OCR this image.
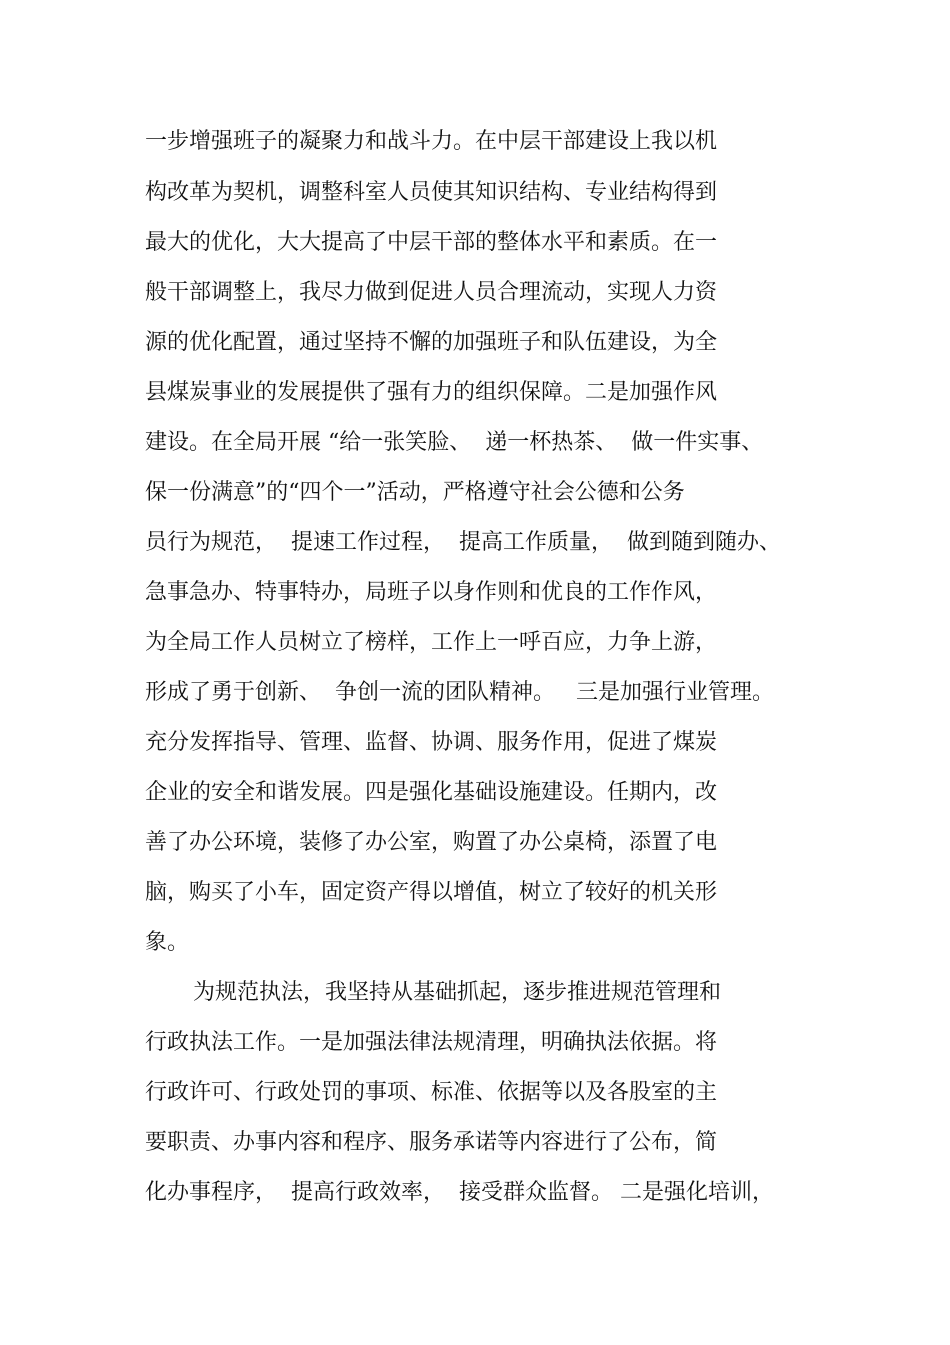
一步增强班子的凝聚力和战斗力。在中层干部建设上我以机
构改革为契机，调整科室人员使其知识结构、专业结构得到
最大的优化，大大提高了中层干部的整体水平和素质。在一
般干部调整上，我尽力做到促进人员合理流动，实现人力资
源的优化配置，通过坚持不懈的加强班子和队伍建设，为全
县煤炭事业的发展提供了强有力的组织保障。二是加强作风
建设。在全局开展 “给一张笑脸、  递一杯热茶、  做一件实事、
保一份满意”的“四个一”活动，严格遵守社会公德和公务
员行为规范，  提速工作过程，  提高工作质量，  做到随到随办、
急事急办、特事特办，局班子以身作则和优良的工作作风，
为全局工作人员树立了榜样，工作上一呼百应，力争上游，
形成了勇于创新、  争创一流的团队精神。   三是加强行业管理。
充分发挥指导、管理、监督、协调、服务作用，促进了煤炭
企业的安全和谐发展。四是强化基础设施建设。任期内，改
善了办公环境，装修了办公室，购置了办公桌椅，添置了电
脑，购买了小车，固定资产得以增值，树立了较好的机关形
象。
为规范执法，我坚持从基础抓起，逐步推进规范管理和
行政执法工作。一是加强法律法规清理，明确执法依据。将
行政许可、行政处罚的事项、标准、依据等以及各股室的主
要职责、办事内容和程序、服务承诺等内容进行了公布，简
化办事程序，  提高行政效率，  接受群众监督。 二是强化培训，
